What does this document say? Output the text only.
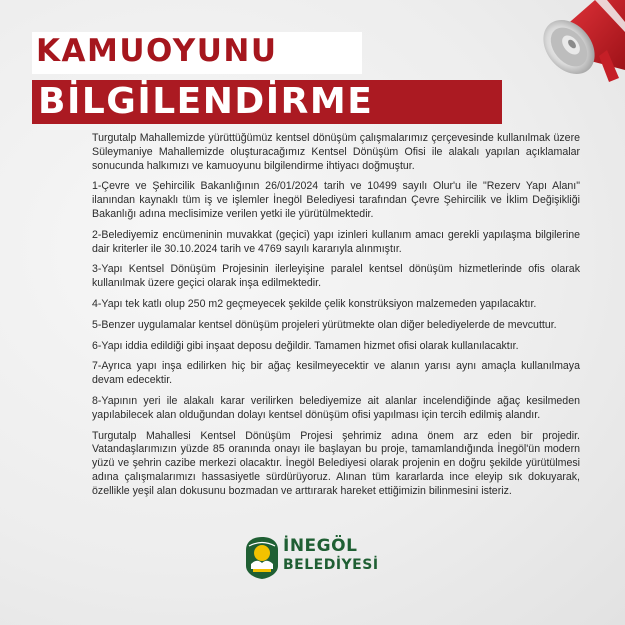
KAMUOYUNU
BİLGİLENDİRME

Turgutalp Mahallemizde yürüttüğümüz kentsel dönüşüm çalışmalarımız çerçevesinde kullanılmak üzere Süleymaniye Mahallemizde oluşturacağımız Kentsel Dönüşüm Ofisi ile alakalı yapılan açıklamalar sonucunda halkımızı ve kamuoyunu bilgilendirme ihtiyacı doğmuştur.

1-Çevre ve Şehircilik Bakanlığının 26/01/2024 tarih ve 10499 sayılı Olur'u ile "Rezerv Yapı Alanı" ilanından kaynaklı tüm iş ve işlemler İnegöl Belediyesi tarafından Çevre Şehircilik ve İklim Değişikliği Bakanlığı adına meclisimize verilen yetki ile yürütülmektedir.

2-Belediyemiz encümeninin muvakkat (geçici) yapı izinleri kullanım amacı gerekli yapılaşma bilgilerine dair kriterler ile 30.10.2024 tarih ve 4769 sayılı kararıyla alınmıştır.

3-Yapı Kentsel Dönüşüm Projesinin ilerleyişine paralel kentsel dönüşüm hizmetlerinde ofis olarak kullanılmak üzere geçici olarak inşa edilmektedir.

4-Yapı tek katlı olup 250 m2 geçmeyecek şekilde çelik konstrüksiyon malzemeden yapılacaktır.

5-Benzer uygulamalar kentsel dönüşüm projeleri yürütmekte olan diğer belediyelerde de mevcuttur.

6-Yapı iddia edildiği gibi inşaat deposu değildir. Tamamen hizmet ofisi olarak kullanılacaktır.

7-Ayrıca yapı inşa edilirken hiç bir ağaç kesilmeyecektir ve alanın yarısı aynı amaçla kullanılmaya devam edecektir.

8-Yapının yeri ile alakalı karar verilirken belediyemize ait alanlar incelendiğinde ağaç kesilmeden yapılabilecek alan olduğundan dolayı kentsel dönüşüm ofisi yapılması için tercih edilmiş alandır.

Turgutalp Mahallesi Kentsel Dönüşüm Projesi şehrimiz adına önem arz eden bir projedir. Vatandaşlarımızın yüzde 85 oranında onayı ile başlayan bu proje, tamamlandığında İnegöl'ün modern yüzü ve şehrin cazibe merkezi olacaktır. İnegöl Belediyesi olarak projenin en doğru şekilde yürütülmesi adına çalışmalarımızı hassasiyetle sürdürüyoruz. Alınan tüm kararlarda ince eleyip sık dokuyarak, özellikle yeşil alan dokusunu bozmadan ve arttırarak hareket ettiğimizin bilinmesini isteriz.

İNEGÖL
BELEDİYESİ
